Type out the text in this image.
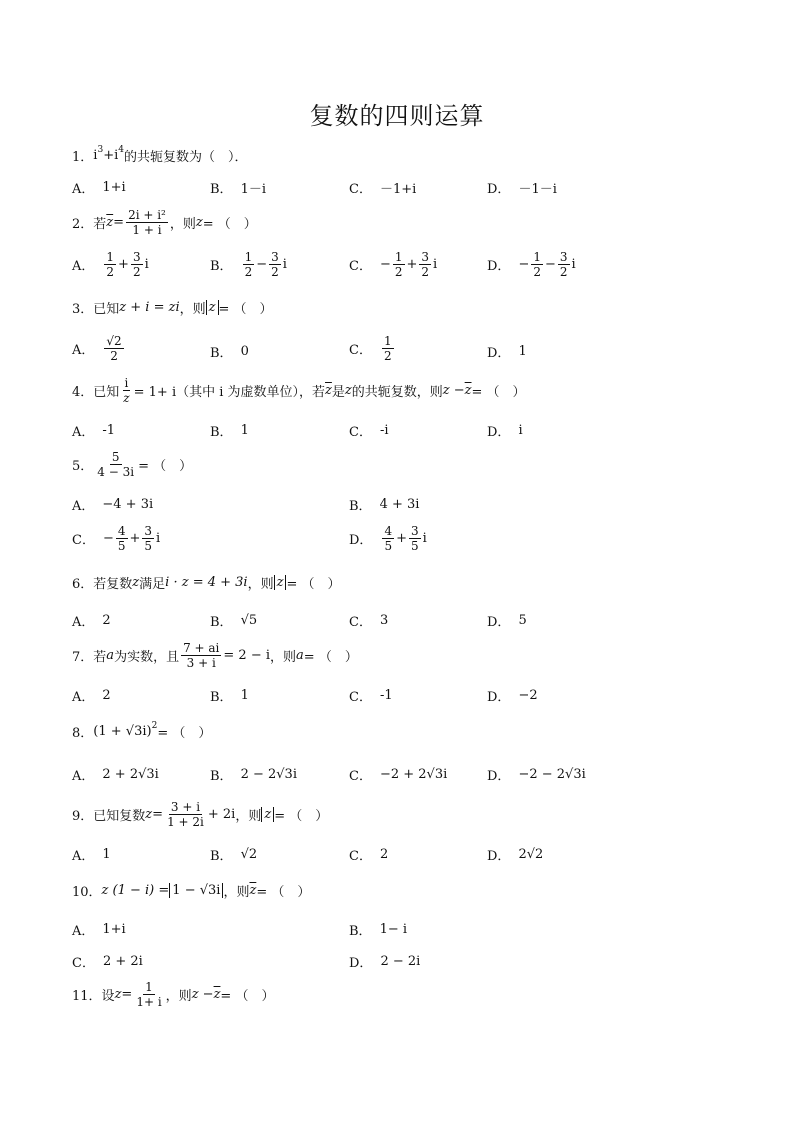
复数的四则运算
1． i 3 +i 4
的共轭复数为（　）．
A． 1+i	B． 1－i	C． －1+i	D． －1－i
2． 若 $\overline{z} = \frac{\text{2i + i²}}{1 + i}$ ，则 z = （　）
A． $\frac{1}{2} + \frac{3}{2}$ i	B． $\frac{1}{2} - \frac{3}{2}$ i	C． − $\frac{1}{2} + \frac{3}{2}$ i	D． − $\frac{1}{2} - \frac{3}{2}$ i
3． 已知 z + i = zi ，则 z = （　）
A． $\frac{√2}{2}$	B． 0	C． $\frac{1}{2}$	D． 1
4． 已知 $\frac{i}{z} = 1+ i$（其中 i 为虚数单位），若 $\overline{z}$ 是 z 的共轭复数，则 $z - \overline{z}$ = （　）
A． -1	B． 1	C． -i	D． i
5． $\frac{5}{4 - 3i}$ = （　）
A． −4 + 3i	B． 4 + 3i
C． − $\frac{4}{5} + \frac{3}{5}$ i	D． $\frac{4}{5} + \frac{3}{5}$ i
6． 若复数 z 满足 i · z = 4 + 3i ，则 z = （　）
A． 2	B． √5	C． 3	D． 5
7． 若 a 为实数，且 $\frac{7 + ai}{3 + i} = 2 - i$ ，则 a = （　）
A． 2	B． 1	C． -1	D． −2
8． (1 + √3i) 2
= （　）
A． 2 + 2√3i	B． 2 − 2√3i	C． −2 + 2√3i	D． −2 − 2√3i
9． 已知复数 $z = \frac{3 + i}{1 + 2i} + 2i$ ，则 z = （　）
A． 1	B． √2	C． 2	D． 2√2
10． z (1 − i) = 1 − √3i ，则 $\overline{z}$ = （　）
A． 1+i	B． 1− i
C． 2 + 2i	D． 2 − 2i
11． 设 $z = \frac{1}{1+ i}$ ，则 $z - \overline{z}$ = （　）
